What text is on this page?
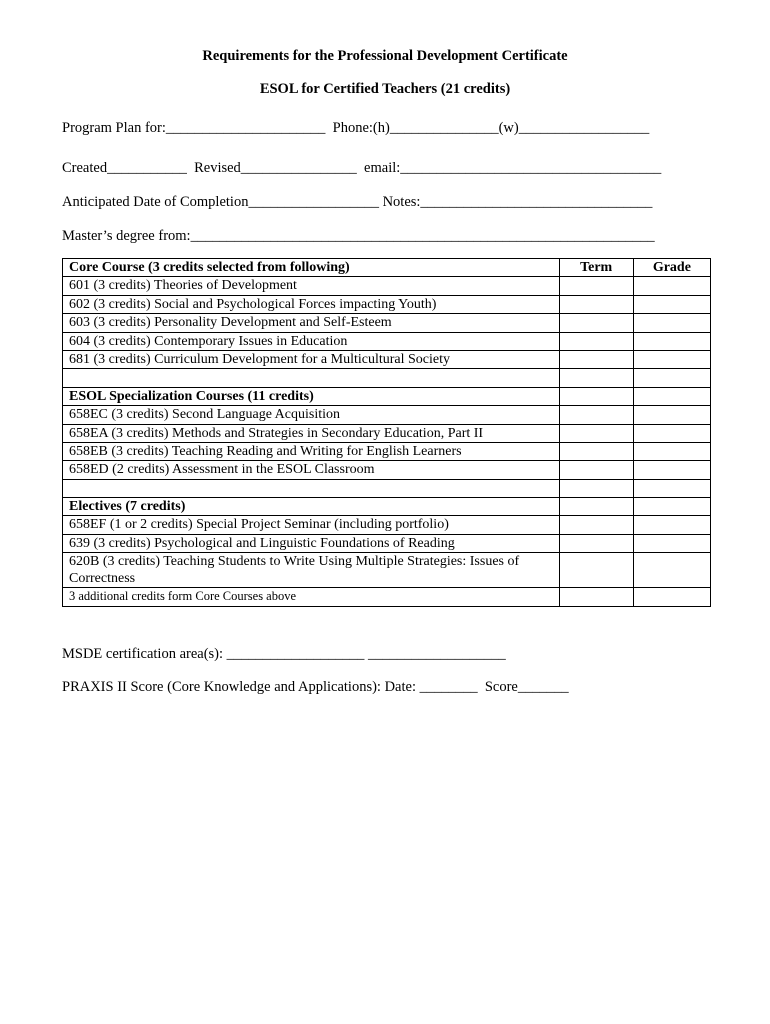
Requirements for the Professional Development Certificate
ESOL for Certified Teachers (21 credits)
Program Plan for:______________________  Phone:(h)_______________(w)__________________
Created___________  Revised________________  email:____________________________________
Anticipated Date of Completion__________________ Notes:________________________________
Master’s degree from:________________________________________________________________
Core Course (3 credits selected from following)	Term	Grade
601 (3 credits) Theories of Development		
602 (3 credits) Social and Psychological Forces impacting Youth)		
603 (3 credits) Personality Development and Self-Esteem		
604 (3 credits) Contemporary Issues in Education		
681 (3 credits) Curriculum Development for a Multicultural Society		

ESOL Specialization Courses (11 credits)		
658EC (3 credits) Second Language Acquisition		
658EA (3 credits) Methods and Strategies in Secondary Education, Part II		
658EB (3 credits) Teaching Reading and Writing for English Learners		
658ED (2 credits) Assessment in the ESOL Classroom		

Electives (7 credits)		
658EF (1 or 2 credits) Special Project Seminar (including portfolio)		
639 (3 credits) Psychological and Linguistic Foundations of Reading		
620B (3 credits) Teaching Students to Write Using Multiple Strategies: Issues of Correctness		
3 additional credits form Core Courses above		
MSDE certification area(s): ___________________ ___________________
PRAXIS II Score (Core Knowledge and Applications): Date: ________  Score_______
